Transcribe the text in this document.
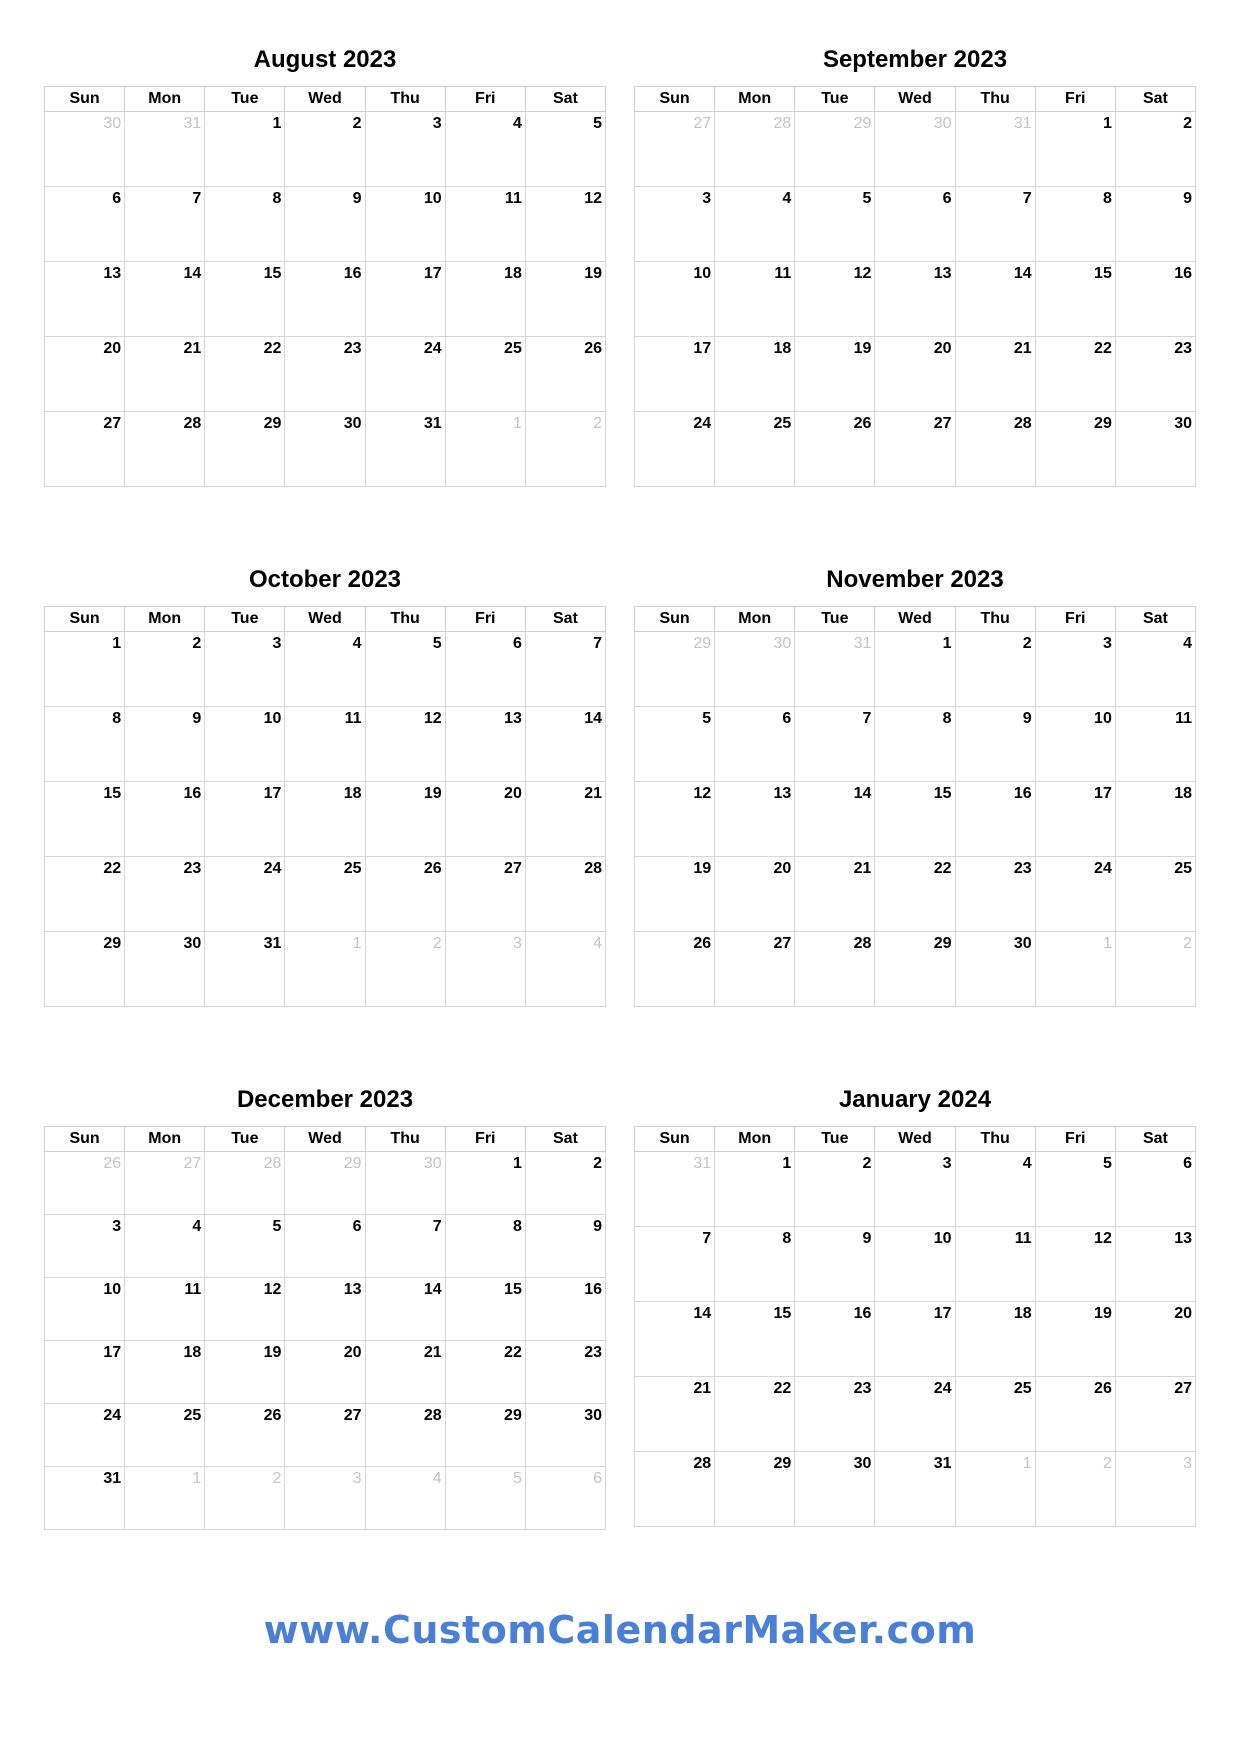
August 2023
Sun	Mon	Tue	Wed	Thu	Fri	Sat

30	31	1	2	3	4	5

6	7	8	9	10	11	12

13	14	15	16	17	18	19

20	21	22	23	24	25	26

27	28	29	30	31	1	2
September 2023
Sun	Mon	Tue	Wed	Thu	Fri	Sat

27	28	29	30	31	1	2

3	4	5	6	7	8	9

10	11	12	13	14	15	16

17	18	19	20	21	22	23

24	25	26	27	28	29	30
October 2023
Sun	Mon	Tue	Wed	Thu	Fri	Sat

1	2	3	4	5	6	7

8	9	10	11	12	13	14

15	16	17	18	19	20	21

22	23	24	25	26	27	28

29	30	31	1	2	3	4
November 2023
Sun	Mon	Tue	Wed	Thu	Fri	Sat

29	30	31	1	2	3	4

5	6	7	8	9	10	11

12	13	14	15	16	17	18

19	20	21	22	23	24	25

26	27	28	29	30	1	2
December 2023
Sun	Mon	Tue	Wed	Thu	Fri	Sat

26	27	28	29	30	1	2

3	4	5	6	7	8	9

10	11	12	13	14	15	16

17	18	19	20	21	22	23

24	25	26	27	28	29	30

31	1	2	3	4	5	6
January 2024
Sun	Mon	Tue	Wed	Thu	Fri	Sat

31	1	2	3	4	5	6

7	8	9	10	11	12	13

14	15	16	17	18	19	20

21	22	23	24	25	26	27

28	29	30	31	1	2	3
www.CustomCalendarMaker.com
